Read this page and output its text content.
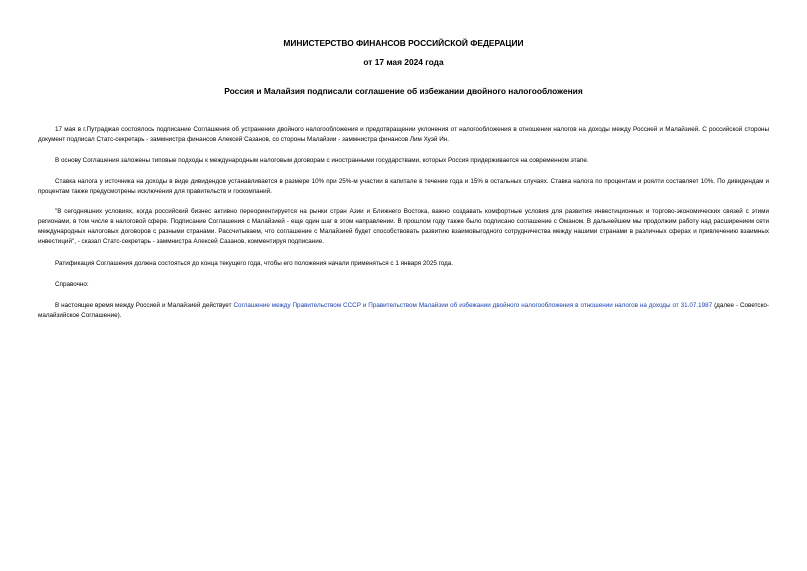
МИНИСТЕРСТВО ФИНАНСОВ РОССИЙСКОЙ ФЕДЕРАЦИИ

от 17 мая 2024 года

Россия и Малайзия подписали соглашение об избежании двойного налогообложения

17 мая в г.Путраджая состоялось подписание Соглашения об устранении двойного налогообложения и предотвращении уклонения от налогообложения в отношении налогов на доходы между Россией и Малайзией. С российской стороны документ подписал Статс-секретарь - заммнистра финансов Алексей Сазанов, со стороны Малайзии - заммнистра финансов Лим Хуэй Ин.

В основу Соглашения заложены типовые подходы к международным налоговым договорам с иностранными государствами, которых Россия придерживается на современном этапе.

Ставка налога у источника на доходы в виде дивидендов устанавливается в размере 10% при 25%-м участии в капитале в течение года и 15% в остальных случаях. Ставка налога по процентам и роялти составляет 10%. По дивидендам и процентам также предусмотрены исключения для правительств и госкомпаний.

"В сегодняшних условиях, когда российский бизнес активно переориентируется на рынки стран Азии и Ближнего Востока, важно создавать комфортные условия для развития инвестиционных и торгово-экономических связей с этими регионами, в том числе в налоговой сфере. Подписание Соглашения с Малайзией - еще один шаг в этом направлении. В прошлом году также было подписано соглашение с Оманом. В дальнейшем мы продолжим работу над расширением сети международных налоговых договоров с разными странами. Рассчитываем, что соглашение с Малайзией будет способствовать развитию взаимовыгодного сотрудничества между нашими странами в различных сферах и привлечению взаимных инвестиций", - сказал Статс-секретарь - заммнистра Алексей Сазанов, комментируя подписание.

Ратификация Соглашения должна состояться до конца текущего года, чтобы его положения начали применяться с 1 января 2025 года.

Справочно:

В настоящее время между Россией и Малайзией действует Соглашение между Правительством СССР и Правительством Малайзии об избежании двойного налогообложения в отношении налогов на доходы от 31.07.1987 (далее - Советско-малайзийское Соглашение).
